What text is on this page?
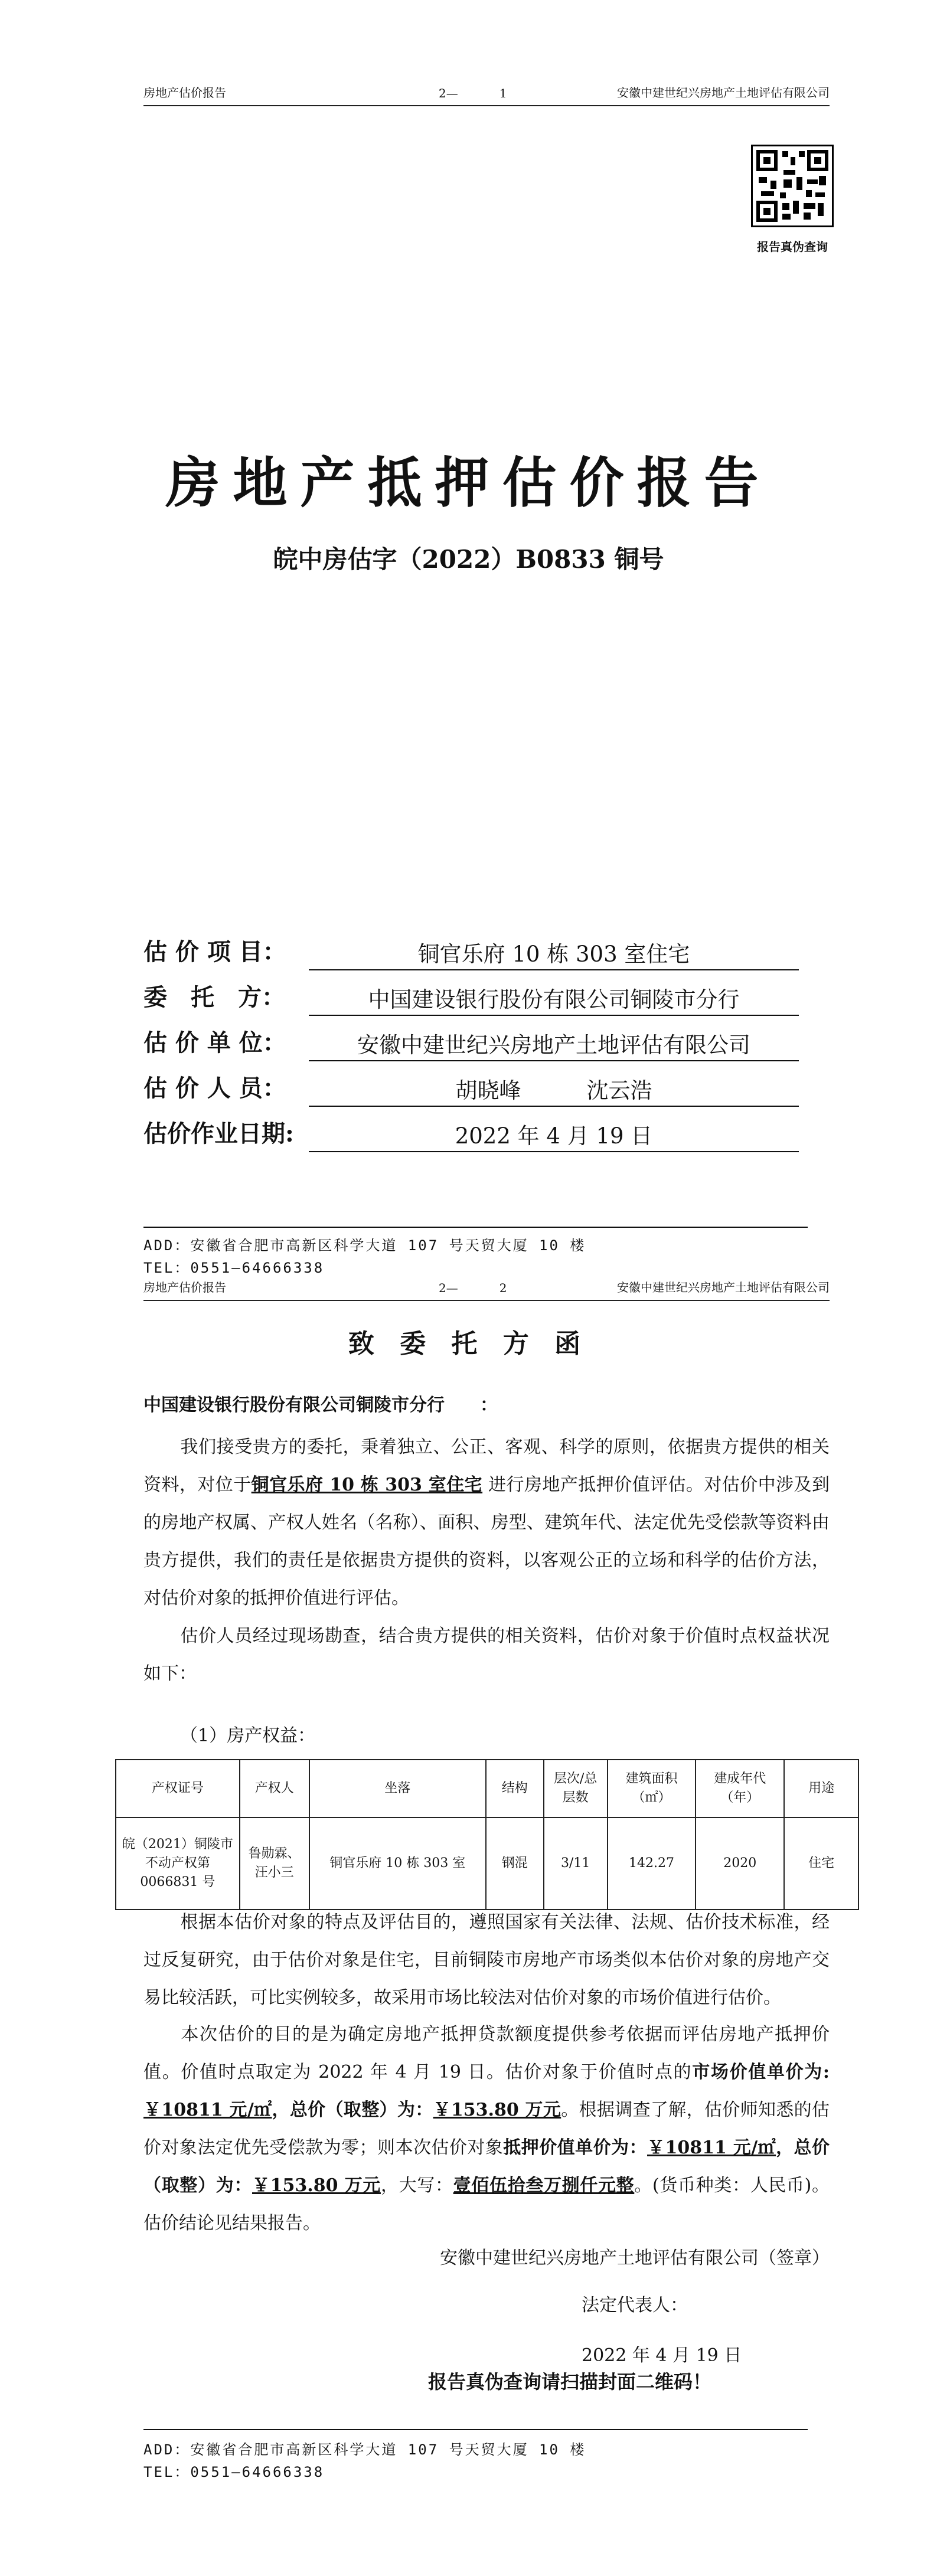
房地产估价报告	2—	1	安徽中建世纪兴房地产土地评估有限公司
报告真伪查询
房地产抵押估价报告
皖中房估字（2022）B0833 铜号
估 价 项 目：	铜官乐府 10 栋 303 室住宅
委　托　方：	中国建设银行股份有限公司铜陵市分行
估 价 单 位：	安徽中建世纪兴房地产土地评估有限公司
估 价 人 员：	胡晓峰　　　沈云浩
估价作业日期:	2022 年 4 月 19 日
ADD：安徽省合肥市高新区科学大道 107 号天贸大厦 10 楼
TEL：0551—64666338
房地产估价报告	2—	2	安徽中建世纪兴房地产土地评估有限公司
致 委 托 方 函
中国建设银行股份有限公司铜陵市分行　　：
我们接受贵方的委托，秉着独立、公正、客观、科学的原则，依据贵方提供的相关资料，对位于铜官乐府 10 栋 303 室住宅 进行房地产抵押价值评估。对估价中涉及到的房地产权属、产权人姓名（名称）、面积、房型、建筑年代、法定优先受偿款等资料由贵方提供，我们的责任是依据贵方提供的资料，以客观公正的立场和科学的估价方法，对估价对象的抵押价值进行评估。
估价人员经过现场勘查，结合贵方提供的相关资料，估价对象于价值时点权益状况如下：
（1）房产权益：
产权证号	产权人	坐落	结构	层次/总层数	建筑面积（㎡）	建成年代（年）	用途
皖（2021）铜陵市不动产权第0066831 号	鲁勋霖、汪小三	铜官乐府 10 栋 303 室	钢混	3/11	142.27	2020	住宅
根据本估价对象的特点及评估目的，遵照国家有关法律、法规、估价技术标准，经过反复研究，由于估价对象是住宅，目前铜陵市房地产市场类似本估价对象的房地产交易比较活跃，可比实例较多，故采用市场比较法对估价对象的市场价值进行估价。
本次估价的目的是为确定房地产抵押贷款额度提供参考依据而评估房地产抵押价值。价值时点取定为 2022 年 4 月 19 日。估价对象于价值时点的市场价值单价为:￥10811 元/㎡，总价（取整）为：￥153.80 万元。根据调查了解，估价师知悉的估价对象法定优先受偿款为零；则本次估价对象抵押价值单价为：￥10811 元/㎡，总价（取整）为：￥153.80 万元，大写：壹佰伍拾叁万捌仟元整。(货币种类：人民币)。估价结论见结果报告。
安徽中建世纪兴房地产土地评估有限公司（签章）
法定代表人：
2022 年 4 月 19 日
报告真伪查询请扫描封面二维码！
ADD：安徽省合肥市高新区科学大道 107 号天贸大厦 10 楼
TEL：0551—64666338
